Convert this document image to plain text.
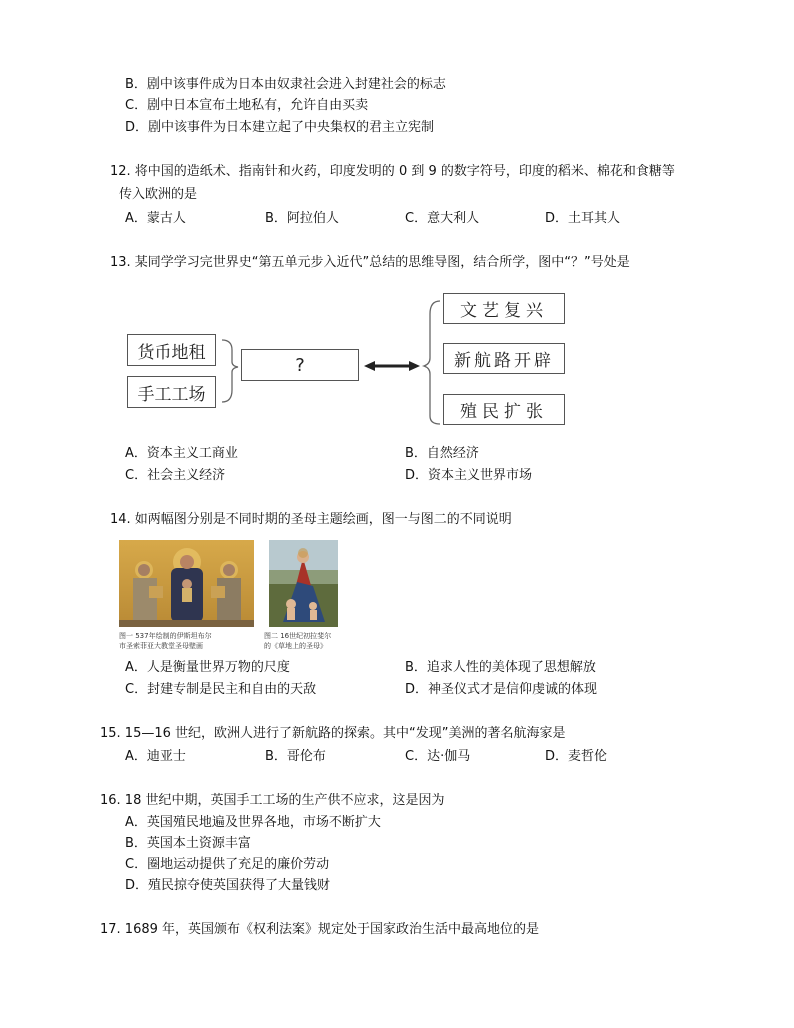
B．剧中该事件成为日本由奴隶社会进入封建社会的标志
C．剧中日本宣布土地私有，允许自由买卖
D．剧中该事件为日本建立起了中央集权的君主立宪制
12. 将中国的造纸术、指南针和火药，印度发明的 0 到 9 的数字符号，印度的稻米、棉花和食糖等
传入欧洲的是
A．蒙古人	B．阿拉伯人	C．意大利人	D．土耳其人
13. 某同学学习完世界史“第五单元步入近代”总结的思维导图，结合所学，图中“？”号处是
货币地租
手工工场
?
文艺复兴
新航路开辟
殖民扩张
A．资本主义工商业	B．自然经济
C．社会主义经济	D．资本主义世界市场
14. 如两幅图分别是不同时期的圣母主题绘画，图一与图二的不同说明
图一 537年绘制的伊斯坦布尔
市圣索菲亚大教堂圣母壁画
图二 16世纪初拉斐尔
的《草地上的圣母》
A．人是衡量世界万物的尺度	B．追求人性的美体现了思想解放
C．封建专制是民主和自由的天敌	D．神圣仪式才是信仰虔诚的体现
15. 15—16 世纪，欧洲人进行了新航路的探索。其中“发现”美洲的著名航海家是
A．迪亚士	B．哥伦布	C．达·伽马	D．麦哲伦
16. 18 世纪中期，英国手工工场的生产供不应求，这是因为
A．英国殖民地遍及世界各地，市场不断扩大
B．英国本土资源丰富
C．圈地运动提供了充足的廉价劳动
D．殖民掠夺使英国获得了大量钱财
17. 1689 年，英国颁布《权利法案》规定处于国家政治生活中最高地位的是
